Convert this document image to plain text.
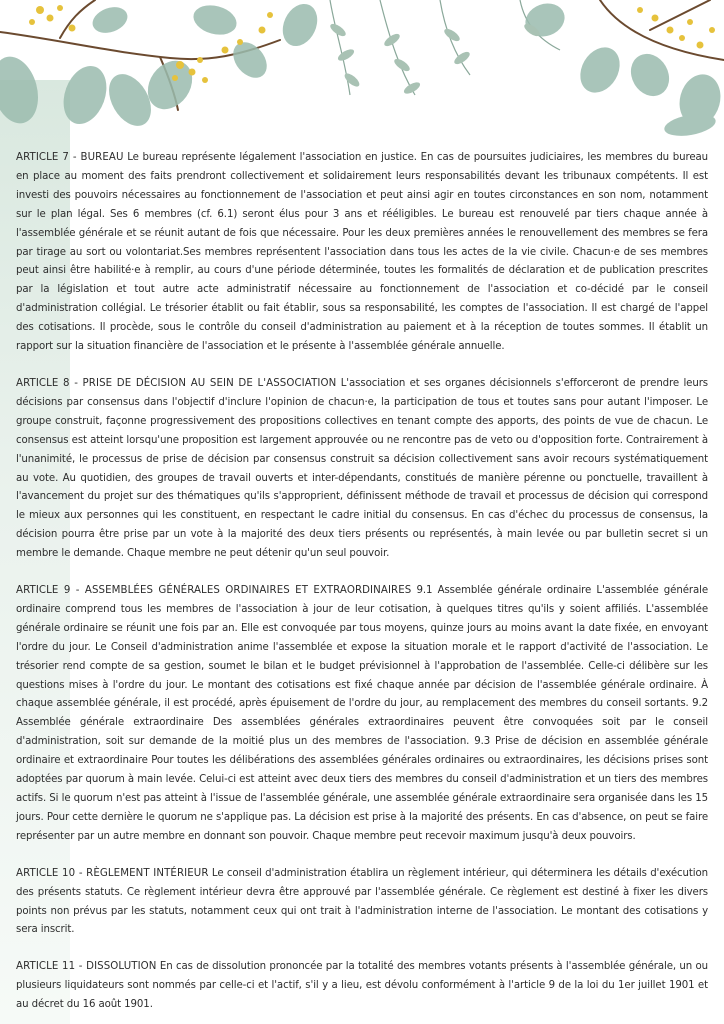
ARTICLE 7 - BUREAU Le bureau représente légalement l'association en justice. En cas de poursuites judiciaires, les membres du bureau en place au moment des faits prendront collectivement et solidairement leurs responsabilités devant les tribunaux compétents. Il est investi des pouvoirs nécessaires au fonctionnement de l'association et peut ainsi agir en toutes circonstances en son nom, notamment sur le plan légal. Ses 6 membres (cf. 6.1) seront élus pour 3 ans et rééligibles. Le bureau est renouvelé par tiers chaque année à l'assemblée générale et se réunit autant de fois que nécessaire. Pour les deux premières années le renouvellement des membres se fera par tirage au sort ou volontariat.Ses membres représentent l'association dans tous les actes de la vie civile. Chacun·e de ses membres peut ainsi être habilité·e à remplir, au cours d'une période déterminée, toutes les formalités de déclaration et de publication prescrites par la législation et tout autre acte administratif nécessaire au fonctionnement de l'association et co-décidé par le conseil d'administration collégial. Le trésorier établit ou fait établir, sous sa responsabilité, les comptes de l'association. Il est chargé de l'appel des cotisations. Il procède, sous le contrôle du conseil d'administration au paiement et à la réception de toutes sommes. Il établit un rapport sur la situation financière de l'association et le présente à l'assemblée générale annuelle.

ARTICLE 8 - PRISE DE DÉCISION AU SEIN DE L'ASSOCIATION L'association et ses organes décisionnels s'efforceront de prendre leurs décisions par consensus dans l'objectif d'inclure l'opinion de chacun·e, la participation de tous et toutes sans pour autant l'imposer. Le groupe construit, façonne progressivement des propositions collectives en tenant compte des apports, des points de vue de chacun. Le consensus est atteint lorsqu'une proposition est largement approuvée ou ne rencontre pas de veto ou d'opposition forte. Contrairement à l'unanimité, le processus de prise de décision par consensus construit sa décision collectivement sans avoir recours systématiquement au vote. Au quotidien, des groupes de travail ouverts et inter-dépendants, constitués de manière pérenne ou ponctuelle, travaillent à l'avancement du projet sur des thématiques qu'ils s'approprient, définissent méthode de travail et processus de décision qui correspond le mieux aux personnes qui les constituent, en respectant le cadre initial du consensus. En cas d'échec du processus de consensus, la décision pourra être prise par un vote à la majorité des deux tiers présents ou représentés, à main levée ou par bulletin secret si un membre le demande. Chaque membre ne peut détenir qu'un seul pouvoir.

ARTICLE 9 - ASSEMBLÉES GÉNÉRALES ORDINAIRES ET EXTRAORDINAIRES 9.1 Assemblée générale ordinaire L'assemblée générale ordinaire comprend tous les membres de l'association à jour de leur cotisation, à quelques titres qu'ils y soient affiliés. L'assemblée générale ordinaire se réunit une fois par an. Elle est convoquée par tous moyens, quinze jours au moins avant la date fixée, en envoyant l'ordre du jour. Le Conseil d'administration anime l'assemblée et expose la situation morale et le rapport d'activité de l'association. Le trésorier rend compte de sa gestion, soumet le bilan et le budget prévisionnel à l'approbation de l'assemblée. Celle-ci délibère sur les questions mises à l'ordre du jour. Le montant des cotisations est fixé chaque année par décision de l'assemblée générale ordinaire. À chaque assemblée générale, il est procédé, après épuisement de l'ordre du jour, au remplacement des membres du conseil sortants. 9.2 Assemblée générale extraordinaire Des assemblées générales extraordinaires peuvent être convoquées soit par le conseil d'administration, soit sur demande de la moitié plus un des membres de l'association. 9.3 Prise de décision en assemblée générale ordinaire et extraordinaire Pour toutes les délibérations des assemblées générales ordinaires ou extraordinaires, les décisions prises sont adoptées par quorum à main levée. Celui-ci est atteint avec deux tiers des membres du conseil d'administration et un tiers des membres actifs. Si le quorum n'est pas atteint à l'issue de l'assemblée générale, une assemblée générale extraordinaire sera organisée dans les 15 jours. Pour cette dernière le quorum ne s'applique pas. La décision est prise à la majorité des présents. En cas d'absence, on peut se faire représenter par un autre membre en donnant son pouvoir. Chaque membre peut recevoir maximum jusqu'à deux pouvoirs.

ARTICLE 10 - RÈGLEMENT INTÉRIEUR Le conseil d'administration établira un règlement intérieur, qui déterminera les détails d'exécution des présents statuts. Ce règlement intérieur devra être approuvé par l'assemblée générale. Ce règlement est destiné à fixer les divers points non prévus par les statuts, notamment ceux qui ont trait à l'administration interne de l'association. Le montant des cotisations y sera inscrit.

ARTICLE 11 - DISSOLUTION En cas de dissolution prononcée par la totalité des membres votants présents à l'assemblée générale, un ou plusieurs liquidateurs sont nommés par celle-ci et l'actif, s'il y a lieu, est dévolu conformément à l'article 9 de la loi du 1er juillet 1901 et au décret du 16 août 1901.
